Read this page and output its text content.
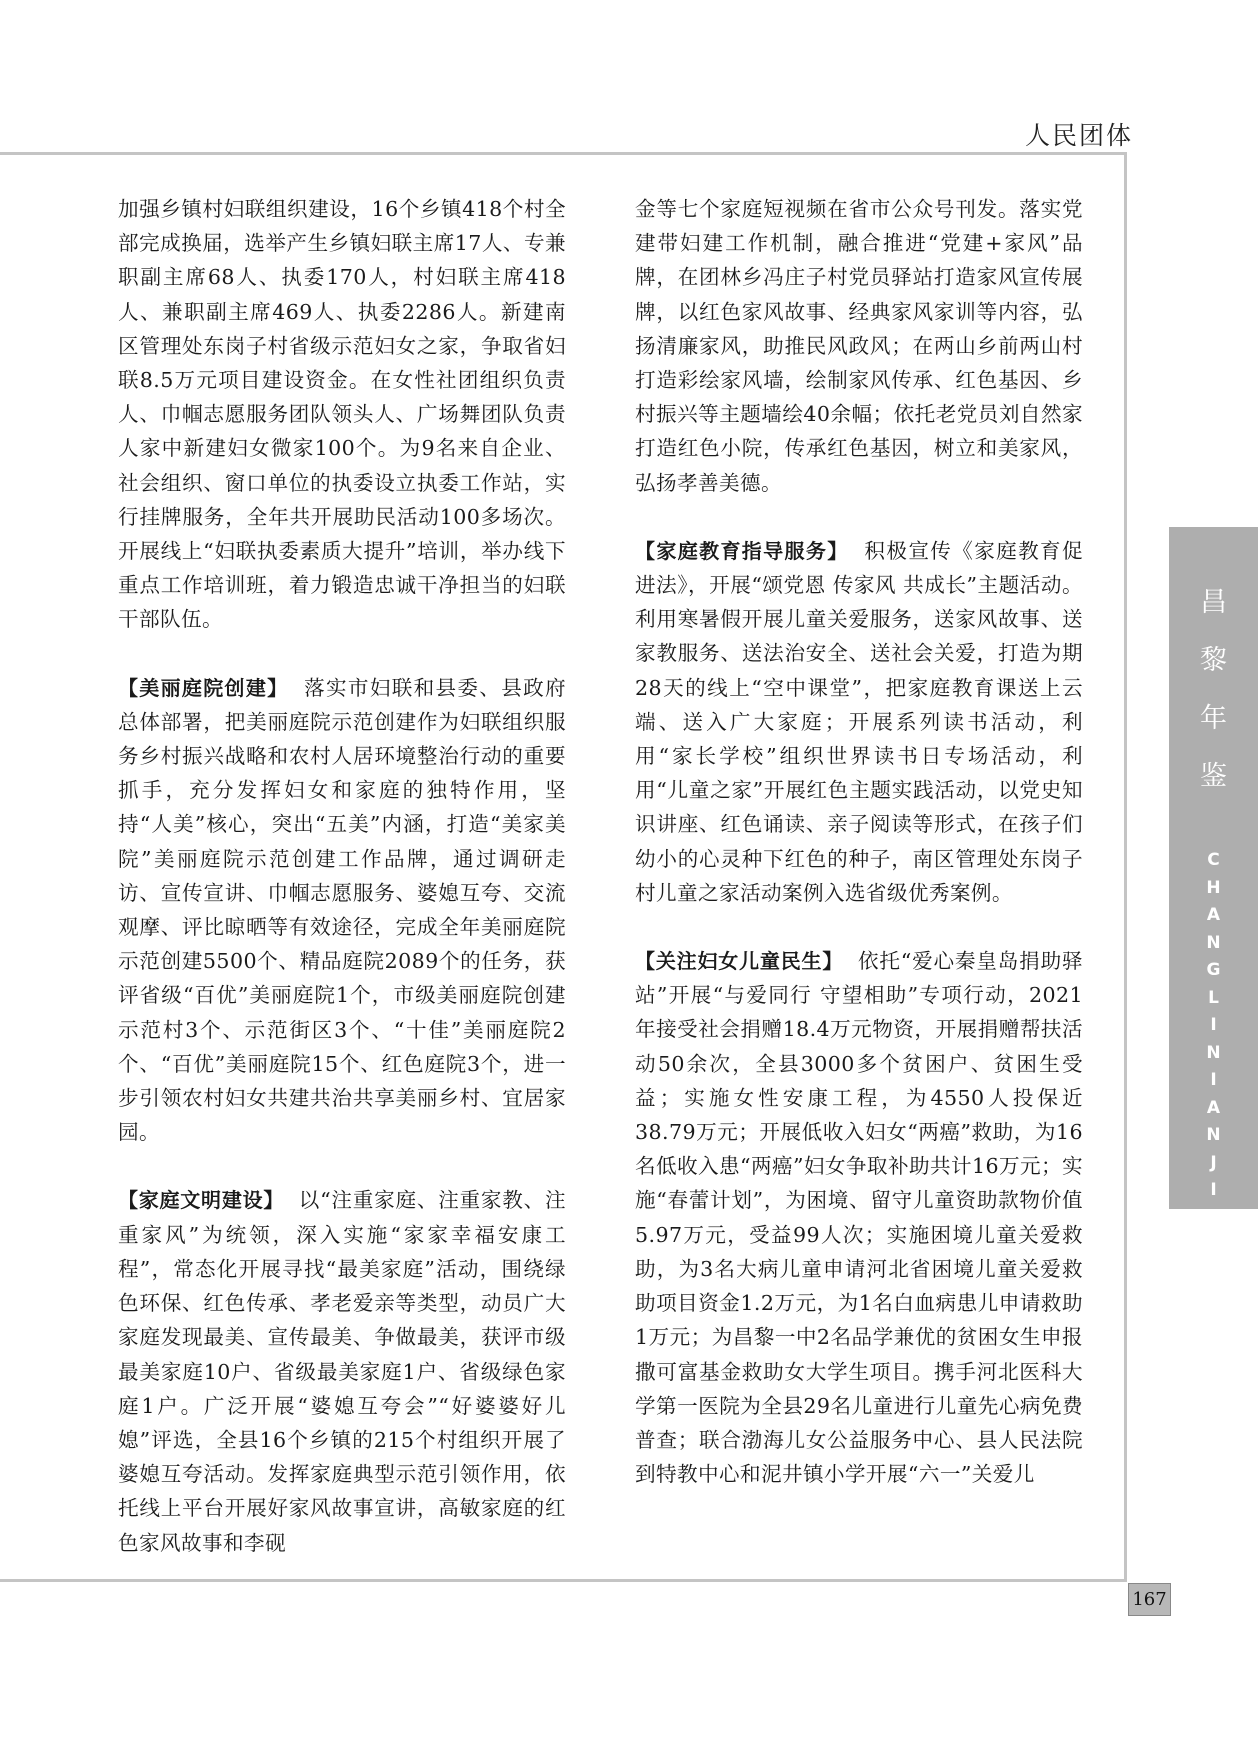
人民团体

加强乡镇村妇联组织建设，16个乡镇418个村全部完成换届，选举产生乡镇妇联主席17人、专兼职副主席68人、执委170人，村妇联主席418人、兼职副主席469人、执委2286人。新建南区管理处东岗子村省级示范妇女之家，争取省妇联8.5万元项目建设资金。在女性社团组织负责人、巾帼志愿服务团队领头人、广场舞团队负责人家中新建妇女微家100个。为9名来自企业、社会组织、窗口单位的执委设立执委工作站，实行挂牌服务，全年共开展助民活动100多场次。开展线上“妇联执委素质大提升”培训，举办线下重点工作培训班，着力锻造忠诚干净担当的妇联干部队伍。

【美丽庭院创建】 落实市妇联和县委、县政府总体部署，把美丽庭院示范创建作为妇联组织服务乡村振兴战略和农村人居环境整治行动的重要抓手，充分发挥妇女和家庭的独特作用，坚持“人美”核心，突出“五美”内涵，打造“美家美院”美丽庭院示范创建工作品牌，通过调研走访、宣传宣讲、巾帼志愿服务、婆媳互夸、交流观摩、评比晾晒等有效途径，完成全年美丽庭院示范创建5500个、精品庭院2089个的任务，获评省级“百优”美丽庭院1个，市级美丽庭院创建示范村3个、示范街区3个、“十佳”美丽庭院2个、“百优”美丽庭院15个、红色庭院3个，进一步引领农村妇女共建共治共享美丽乡村、宜居家园。

【家庭文明建设】 以“注重家庭、注重家教、注重家风”为统领，深入实施“家家幸福安康工程”，常态化开展寻找“最美家庭”活动，围绕绿色环保、红色传承、孝老爱亲等类型，动员广大家庭发现最美、宣传最美、争做最美，获评市级最美家庭10户、省级最美家庭1户、省级绿色家庭1户。广泛开展“婆媳互夸会”“好婆婆好儿媳”评选，全县16个乡镇的215个村组织开展了婆媳互夸活动。发挥家庭典型示范引领作用，依托线上平台开展好家风故事宣讲，高敏家庭的红色家风故事和李砚

金等七个家庭短视频在省市公众号刊发。落实党建带妇建工作机制，融合推进“党建+家风”品牌，在团林乡冯庄子村党员驿站打造家风宣传展牌，以红色家风故事、经典家风家训等内容，弘扬清廉家风，助推民风政风；在两山乡前两山村打造彩绘家风墙，绘制家风传承、红色基因、乡村振兴等主题墙绘40余幅；依托老党员刘自然家打造红色小院，传承红色基因，树立和美家风，弘扬孝善美德。

【家庭教育指导服务】 积极宣传《家庭教育促进法》，开展“颂党恩 传家风 共成长”主题活动。利用寒暑假开展儿童关爱服务，送家风故事、送家教服务、送法治安全、送社会关爱，打造为期28天的线上“空中课堂”，把家庭教育课送上云端、送入广大家庭；开展系列读书活动，利用“家长学校”组织世界读书日专场活动，利用“儿童之家”开展红色主题实践活动，以党史知识讲座、红色诵读、亲子阅读等形式，在孩子们幼小的心灵种下红色的种子，南区管理处东岗子村儿童之家活动案例入选省级优秀案例。

【关注妇女儿童民生】 依托“爱心秦皇岛捐助驿站”开展“与爱同行 守望相助”专项行动，2021年接受社会捐赠18.4万元物资，开展捐赠帮扶活动50余次，全县3000多个贫困户、贫困生受益；实施女性安康工程，为4550人投保近38.79万元；开展低收入妇女“两癌”救助，为16名低收入患“两癌”妇女争取补助共计16万元；实施“春蕾计划”，为困境、留守儿童资助款物价值5.97万元，受益99人次；实施困境儿童关爱救助，为3名大病儿童申请河北省困境儿童关爱救助项目资金1.2万元，为1名白血病患儿申请救助1万元；为昌黎一中2名品学兼优的贫困女生申报撒可富基金救助女大学生项目。携手河北医科大学第一医院为全县29名儿童进行儿童先心病免费普查；联合渤海儿女公益服务中心、县人民法院到特教中心和泥井镇小学开展“六一”关爱儿

昌
黎
年
鉴
C
H
A
N
G
L
I
N
I
A
N
J
I
A
N
167
